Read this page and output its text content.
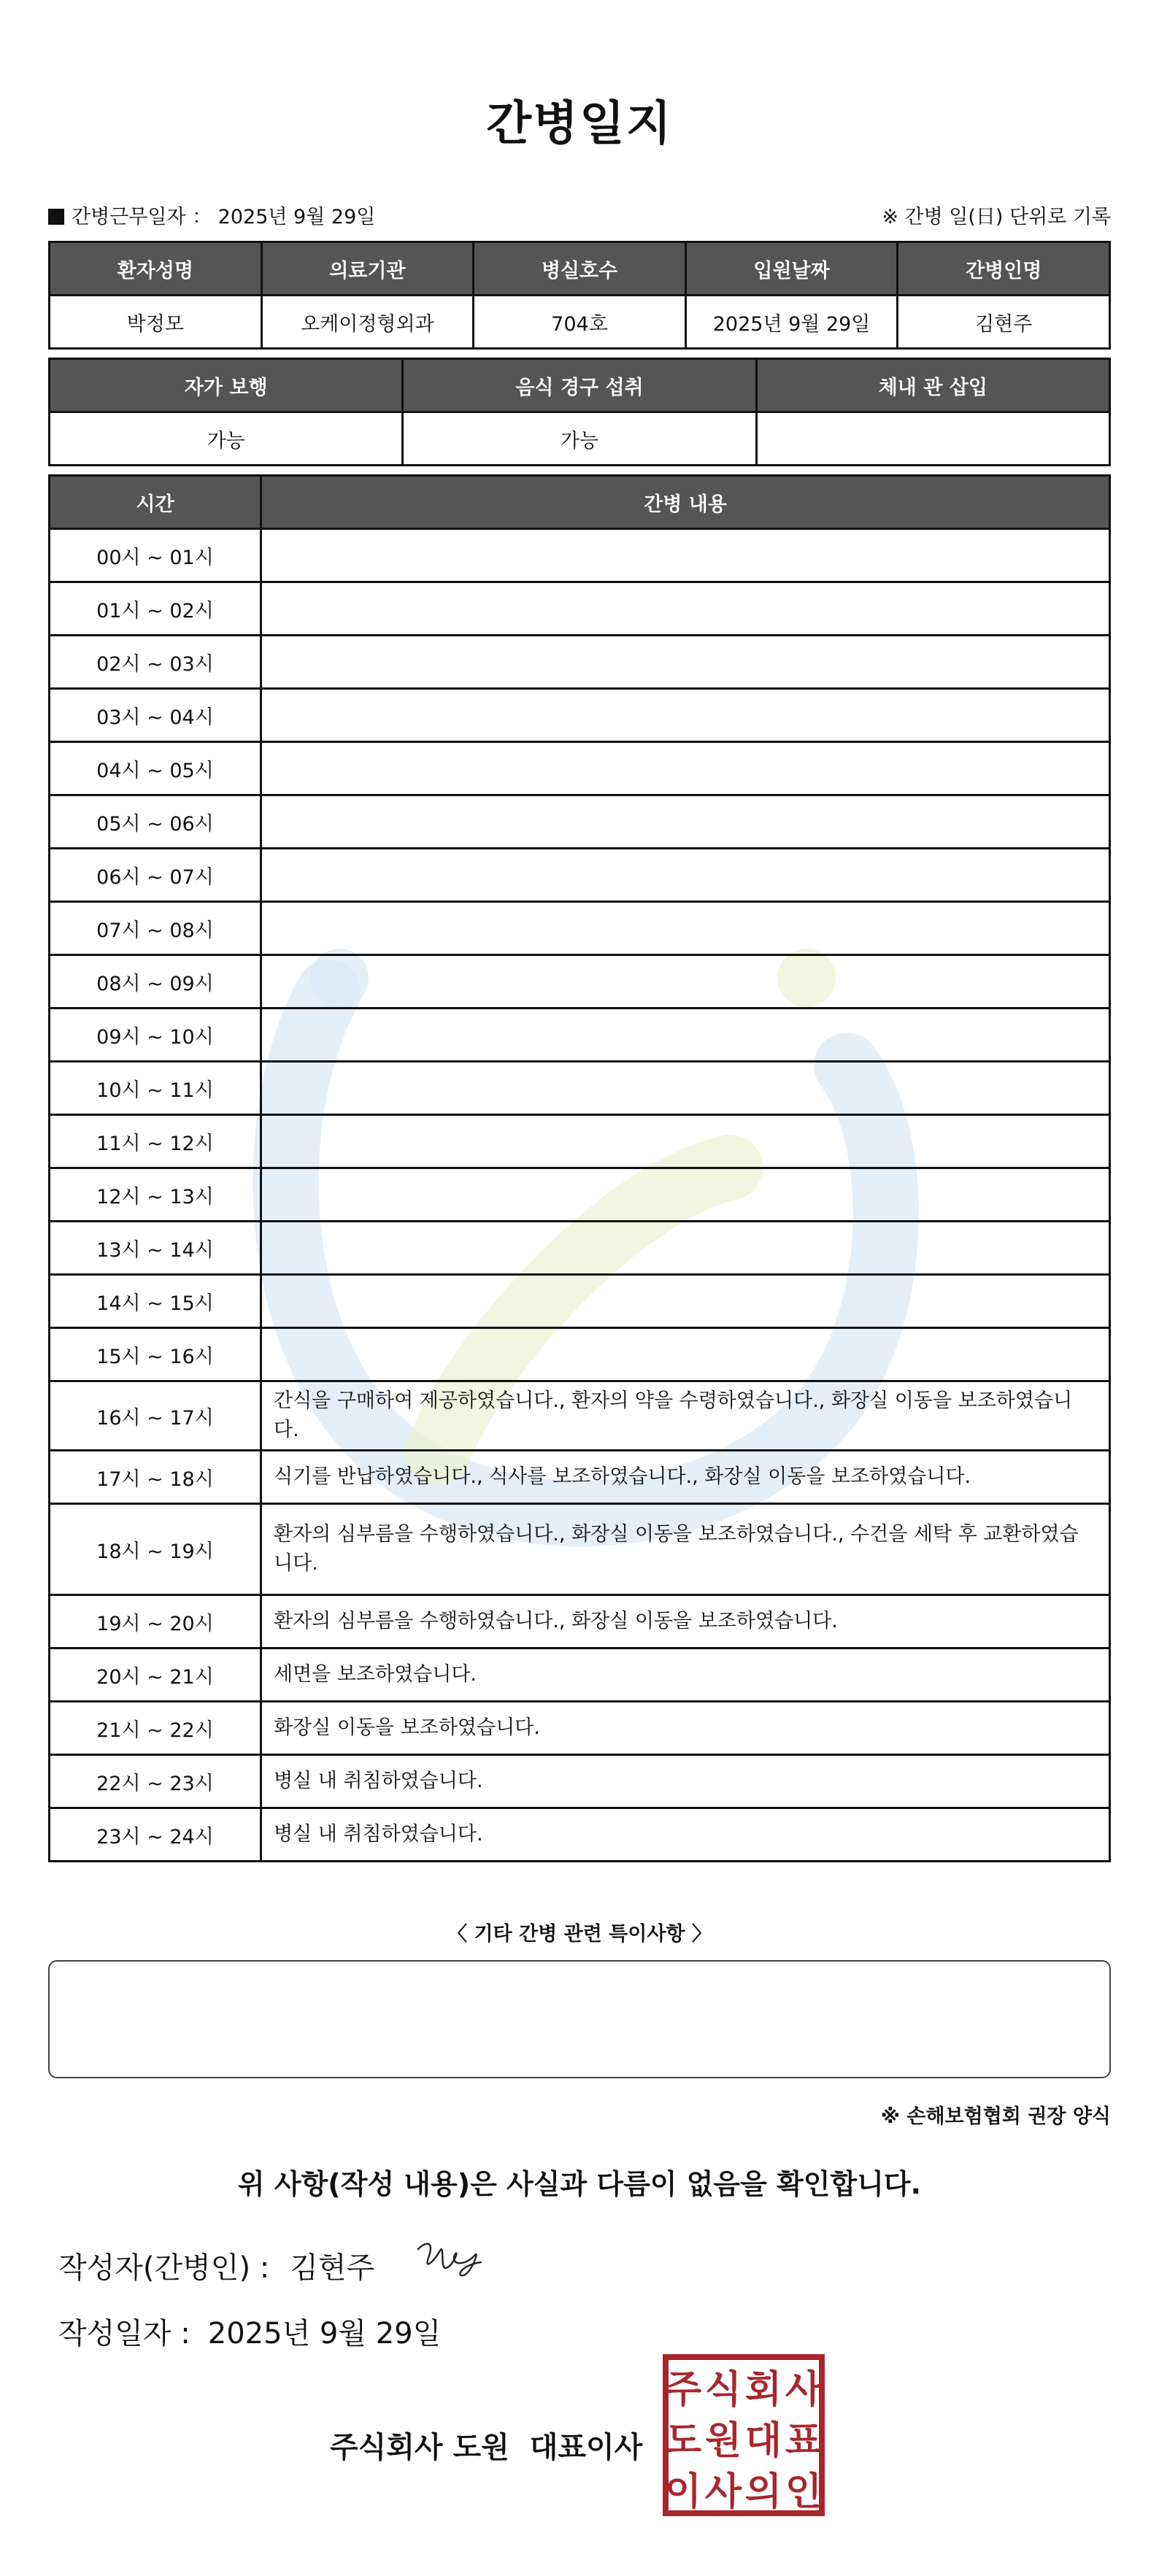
간병일지
간병근무일자 ： 2025년 9월 29일	※ 간병 일(日) 단위로 기록
환자성명	의료기관	병실호수	입원날짜	간병인명
박정모	오케이정형외과	704호	2025년 9월 29일	김현주
자가 보행	음식 경구 섭취	체내 관 삽입
가능	가능	
시간	간병 내용
00시 ~ 01시	
01시 ~ 02시	
02시 ~ 03시	
03시 ~ 04시	
04시 ~ 05시	
05시 ~ 06시	
06시 ~ 07시	
07시 ~ 08시	
08시 ~ 09시	
09시 ~ 10시	
10시 ~ 11시	
11시 ~ 12시	
12시 ~ 13시	
13시 ~ 14시	
14시 ~ 15시	
15시 ~ 16시	
16시 ~ 17시	간식을 구매하여 제공하였습니다., 환자의 약을 수령하였습니다., 화장실 이동을 보조하였습니다.
17시 ~ 18시	식기를 반납하였습니다., 식사를 보조하였습니다., 화장실 이동을 보조하였습니다.
18시 ~ 19시	환자의 심부름을 수행하였습니다., 화장실 이동을 보조하였습니다., 수건을 세탁 후 교환하였습니다.
19시 ~ 20시	환자의 심부름을 수행하였습니다., 화장실 이동을 보조하였습니다.
20시 ~ 21시	세면을 보조하였습니다.
21시 ~ 22시	화장실 이동을 보조하였습니다.
22시 ~ 23시	병실 내 취침하였습니다.
23시 ~ 24시	병실 내 취침하였습니다.
〈 기타 간병 관련 특이사항 〉
※ 손해보험협회 권장 양식
위 사항(작성 내용)은 사실과 다름이 없음을 확인합니다.
작성자(간병인) : 김현주
작성일자 : 2025년 9월 29일
주식회사 도원 대표이사
주 식 회 사
도 원 대 표
이 사 의 인
